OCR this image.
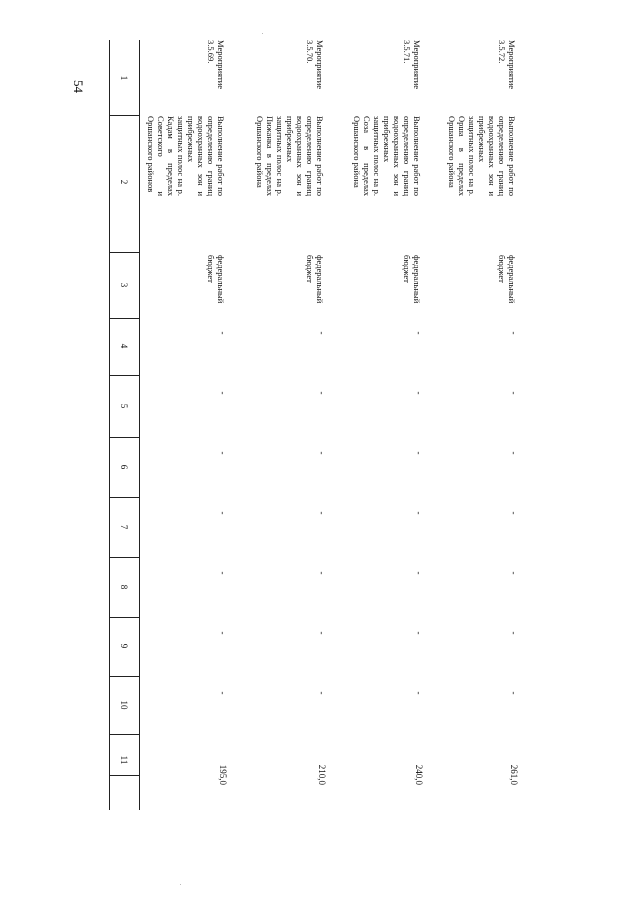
54
1
2
3
4
5
6
7
8
9
10
11
Мероприятие 3.5.69.
Выполнение работ по определению границ водоохранных зон и прибрежных защитных полос на р. Кадам в пределах Советского и Оршанского районов
федеральный бюджет
-
-
-
-
-
-
-
195,0
Мероприятие 3.5.70.
Выполнение работ по определению границ водоохранных зон и прибрежных защитных полос на р. Пижанка в пределах Оршанского района
федеральный бюджет
-
-
-
-
-
-
-
210,0
Мероприятие 3.5.71.
Выполнение работ по определению границ водоохранных зон и прибрежных защитных полос на р. Соза в пределах Оршанского района
федеральный бюджет
-
-
-
-
-
-
-
240,0
Мероприятие 3.5.72.
Выполнение работ по определению границ водоохранных зон и прибрежных защитных полос на р. Орша в пределах Оршанского района
федеральный бюджет
-
-
-
-
-
-
-
261,0
